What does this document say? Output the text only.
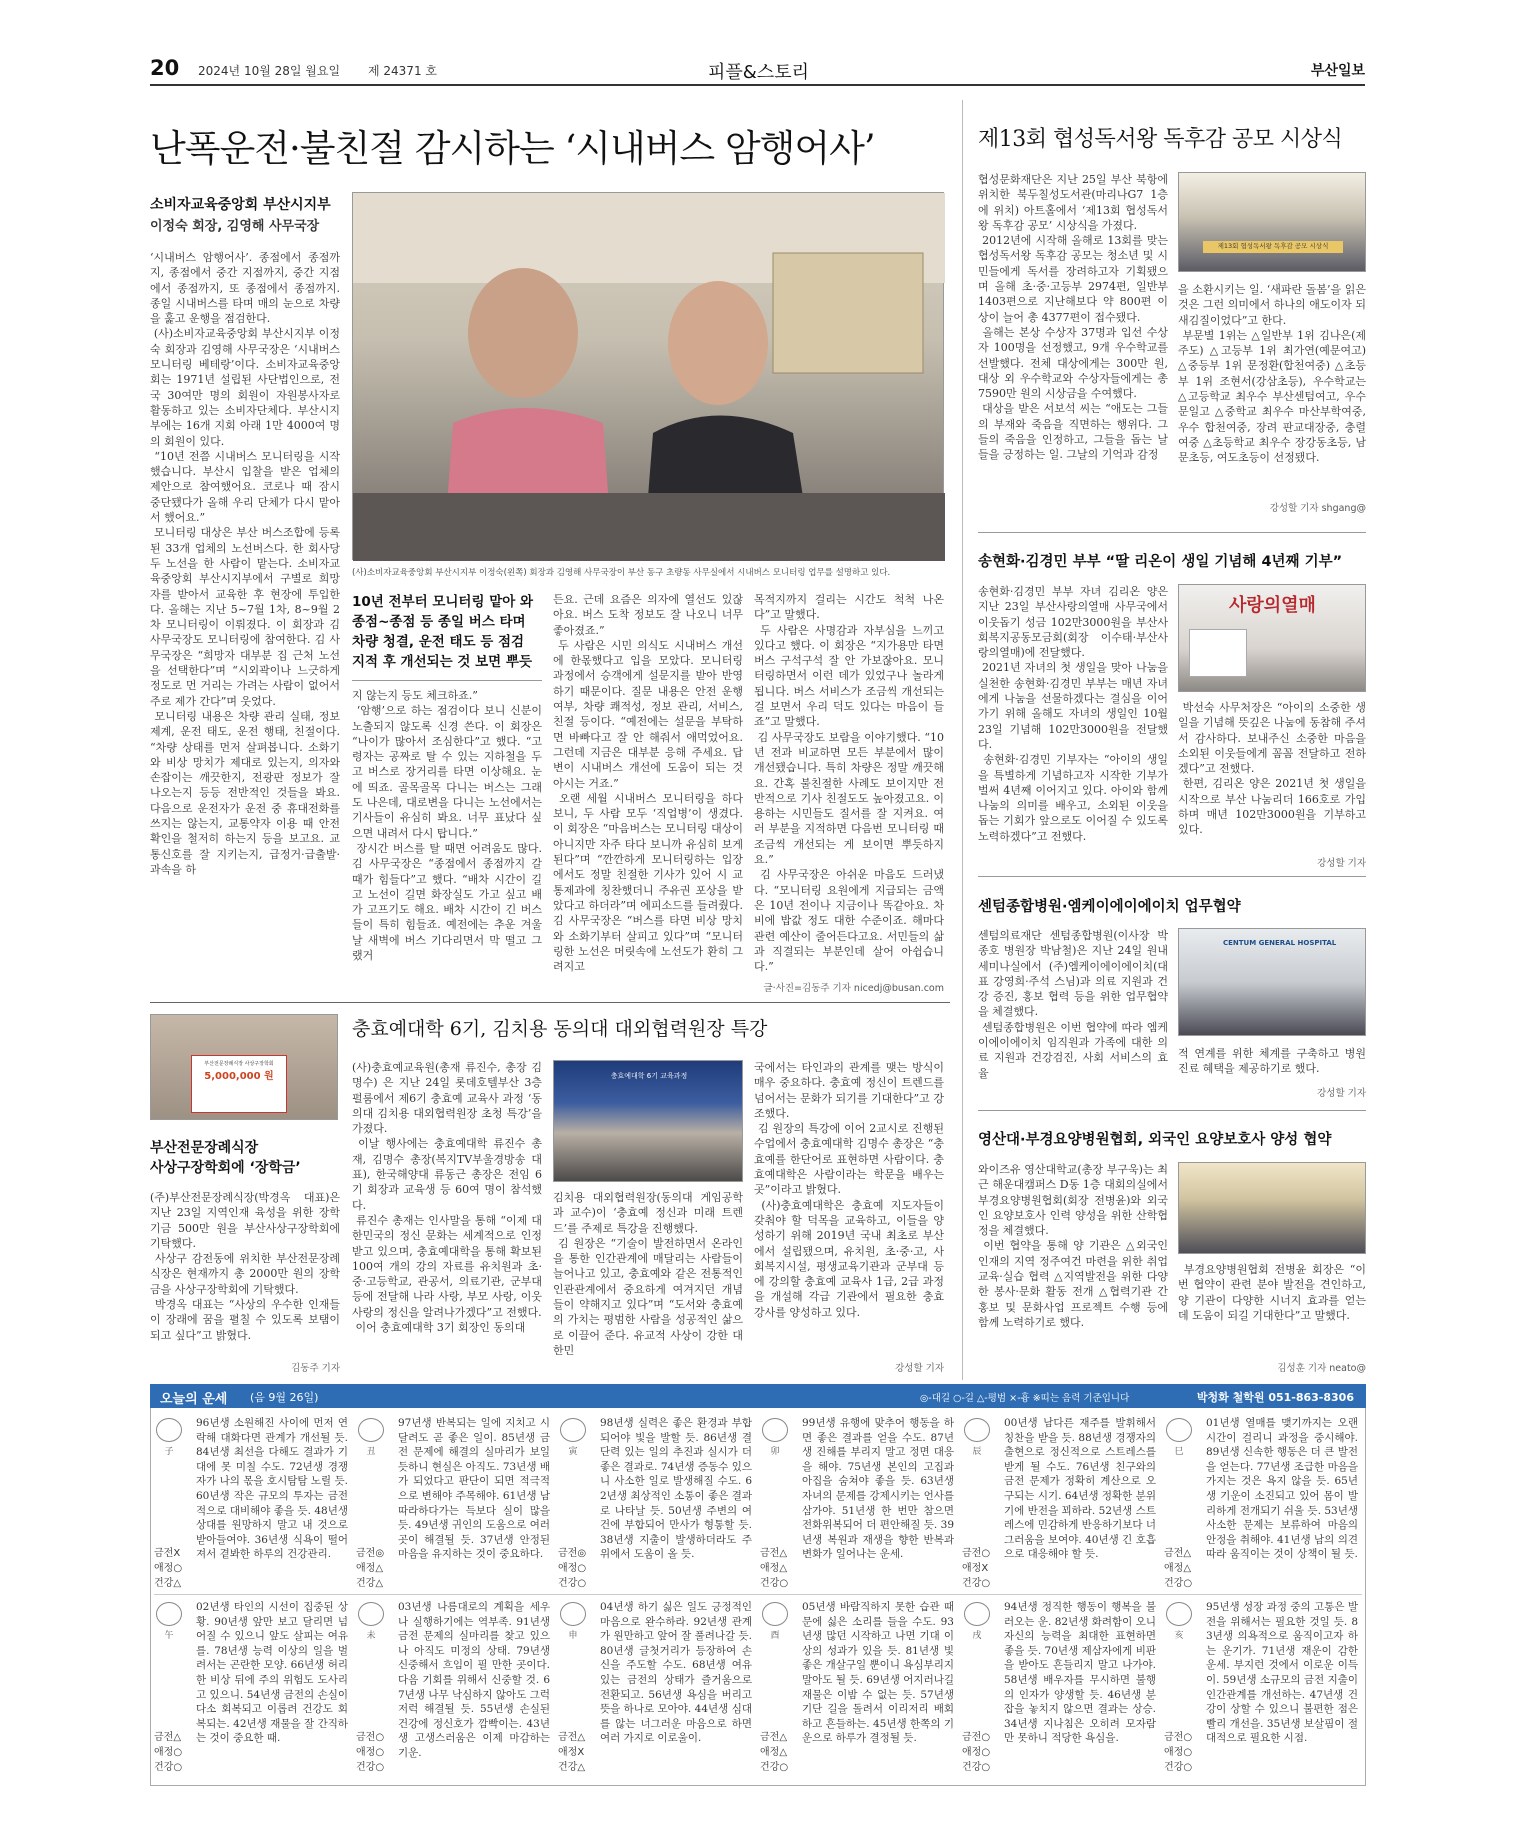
20 2024년 10월 28일 월요일 제 24371 호	피플&스토리	부산일보
난폭운전·불친절 감시하는 ‘시내버스 암행어사’
소비자교육중앙회 부산시지부
이정숙 회장, 김영해 사무국장
(사)소비자교육중앙회 부산시지부 이정숙(왼쪽) 회장과 김영해 사무국장이 부산 동구 초량동 사무실에서 시내버스 모니터링 업무를 설명하고 있다.
‘시내버스 암행어사’. 종점에서 종점까지, 종점에서 중간 지점까지, 중간 지점에서 종점까지, 또 종점에서 종점까지. 종일 시내버스를 타며 매의 눈으로 차량을 훑고 운행을 점검한다.
(사)소비자교육중앙회 부산시지부 이정숙 회장과 김영해 사무국장은 ‘시내버스 모니터링 베테랑’이다. 소비자교육중앙회는 1971년 설립된 사단법인으로, 전국 30여만 명의 회원이 자원봉사자로 활동하고 있는 소비자단체다. 부산시지부에는 16개 지회 아래 1만 4000여 명의 회원이 있다.
“10년 전쯤 시내버스 모니터링을 시작했습니다. 부산시 입찰을 받은 업체의 제안으로 참여했어요. 코로나 때 잠시 중단됐다가 올해 우리 단체가 다시 맡아서 했어요.”
모니터링 대상은 부산 버스조합에 등록된 33개 업체의 노선버스다. 한 회사당 두 노선을 한 사람이 맡는다. 소비자교육중앙회 부산시지부에서 구별로 희망자를 받아서 교육한 후 현장에 투입한다. 올해는 지난 5~7월 1차, 8~9월 2차 모니터링이 이뤄졌다. 이 회장과 김 사무국장도 모니터링에 참여한다. 김 사무국장은 “희망자 대부분 집 근처 노선을 선택한다”며 “시외곽이나 느긋하게 정도로 먼 거리는 가려는 사람이 없어서 주로 제가 간다”며 웃었다.
모니터링 내용은 차량 관리 실태, 정보 제계, 운전 태도, 운전 행태, 친절이다. “차량 상태를 먼저 살펴봅니다. 소화기와 비상 망치가 제대로 있는지, 의자와 손잡이는 깨끗한지, 전광판 정보가 잘 나오는지 등등 전반적인 것들을 봐요. 다음으로 운전자가 운전 중 휴대전화를 쓰지는 않는지, 교통약자 이용 때 안전 확인을 철저히 하는지 등을 보고요. 교통신호를 잘 지키는지, 급정거·급출발·과속을 하
10년 전부터 모니터링 맡아 와
종점~종점 등 종일 버스 타며
차량 청결, 운전 태도 등 점검
지적 후 개선되는 것 보면 뿌듯
지 않는지 등도 체크하죠.”
‘암행’으로 하는 점검이다 보니 신분이 노출되지 않도록 신경 쓴다. 이 회장은 “나이가 많아서 조심한다”고 했다. “고령자는 공짜로 탈 수 있는 지하철을 두고 버스로 장거리를 타면 이상해요. 눈에 띄죠. 골목골목 다니는 버스는 그래도 나은데, 대로변을 다니는 노선에서는 기사들이 유심히 봐요. 너무 표났다 싶으면 내려서 다시 탑니다.”
장시간 버스를 탈 때면 어려움도 많다. 김 사무국장은 “종점에서 종점까지 갈 때가 힘들다”고 했다. “배차 시간이 길고 노선이 길면 화장실도 가고 싶고 배가 고프기도 해요. 배차 시간이 긴 버스들이 특히 힘들죠. 예전에는 추운 겨울날 새벽에 버스 기다리면서 막 떨고 그랬거
든요. 근데 요즘은 의자에 열선도 있잖아요. 버스 도착 정보도 잘 나오니 너무 좋아졌죠.”
두 사람은 시민 의식도 시내버스 개선에 한몫했다고 입을 모았다. 모니터링 과정에서 승객에게 설문지를 받아 반영하기 때문이다. 질문 내용은 안전 운행 여부, 차량 쾌적성, 정보 관리, 서비스, 친절 등이다. “예전에는 설문을 부탁하면 바빠다고 잘 안 해줘서 애먹었어요. 그런데 지금은 대부분 응해 주세요. 답변이 시내버스 개선에 도움이 되는 것 아시는 거죠.”
오랜 세월 시내버스 모니터링을 하다 보니, 두 사람 모두 ‘직업병’이 생겼다. 이 회장은 “마음버스는 모니터링 대상이 아니지만 자주 타다 보니까 유심히 보게 된다”며 “깐깐하게 모니터링하는 입장에서도 정말 친절한 기사가 있어 시 교통제과에 칭찬했더니 주유권 포상을 받았다고 하더라”며 에피소드를 들려줬다. 김 사무국장은 “버스를 타면 비상 망치와 소화기부터 살피고 있다”며 “모니터링한 노선은 머릿속에 노선도가 환히 그려지고
목적지까지 걸리는 시간도 척척 나온다”고 말했다.
두 사람은 사명감과 자부심을 느끼고 있다고 했다. 이 회장은 “지가용만 타면 버스 구석구석 잘 안 가보잖아요. 모니터링하면서 이런 데가 있었구나 놀라게 됩니다. 버스 서비스가 조금씩 개선되는 걸 보면서 우리 덕도 있다는 마음이 들죠”고 말했다.
김 사무국장도 보람을 이야기했다. “10년 전과 비교하면 모든 부분에서 많이 개선됐습니다. 특히 차량은 정말 깨끗해요. 간혹 불친절한 사례도 보이지만 전반적으로 기사 친절도도 높아졌고요. 이용하는 시민들도 질서를 잘 지켜요. 여러 부분을 지적하면 다음번 모니터링 때 조금씩 개선되는 게 보이면 뿌듯하지요.”
김 사무국장은 아쉬운 마음도 드러냈다. “모니터링 요원에게 지급되는 금액은 10년 전이나 지금이나 똑같아요. 차비에 밥값 정도 대한 수준이죠. 해마다 관련 예산이 줄어든다고요. 서민들의 삶과 직결되는 부분인데 살어 아쉽습니다.”
글·사진=김동주 기자 nicedj@busan.com
제13회 협성독서왕 독후감 공모 시상식
협성문화재단은 지난 25일 부산 북항에 위치한 북두칠성도서관(마리나G7 1층에 위치) 아트홀에서 ‘제13회 협성독서왕 독후감 공모’ 시상식을 가졌다.
2012년에 시작해 올해로 13회를 맞는 협성독서왕 독후감 공모는 청소년 및 시민들에게 독서를 장려하고자 기획됐으며 올해 초·중·고등부 2974편, 일반부 1403편으로 지난해보다 약 800편 이상이 늘어 총 4377편이 접수됐다.
올해는 본상 수상자 37명과 입선 수상자 100명을 선정했고, 9개 우수학교를 선발했다. 전체 대상에게는 300만 원, 대상 외 우수학교와 수상자들에게는 총 7590만 원의 시상금을 수여했다.
대상을 받은 서보석 씨는 “애도는 그들의 부재와 죽음을 직면하는 행위다. 그들의 죽음을 인정하고, 그들을 돕는 날들을 긍정하는 일. 그날의 기억과 감정
제13회 협성독서왕 독후감 공모 시상식
을 소환시키는 일. ‘새파란 돌봄’을 읽은 것은 그런 의미에서 하나의 애도이자 되새김질이었다”고 한다.
부문별 1위는 △일반부 1위 김나은(제주도) △고등부 1위 최가연(예문여고) △중등부 1위 문정환(합천여중) △초등부 1위 조현서(강삼초등), 우수학교는 △고등학교 최우수 부산센텀여고, 우수 문일고 △중학교 최우수 마산부학여중, 우수 합천여중, 장려 판교대장중, 충렬여중 △초등학교 최우수 장강동초등, 남문초등, 여도초등이 선정됐다.
강성할 기자 shgang@
송현화·김경민 부부 “딸 리온이 생일 기념해 4년째 기부”
송현화·김경민 부부 자녀 김리온 양은 지난 23일 부산사랑의열매 사무국에서 이웃돕기 성금 102만3000원을 부산사회복지공동모금회(회장 이수태·부산사랑의열매)에 전달했다.
2021년 자녀의 첫 생일을 맞아 나눔을 실천한 송현화·김경민 부부는 매년 자녀에게 나눔을 선물하겠다는 결심을 이어가기 위해 올해도 자녀의 생일인 10월 23일 기념해 102만3000원을 전달했다.
송현화·김경민 기부자는 “아이의 생일을 특별하게 기념하고자 시작한 기부가 벌써 4년째 이어지고 있다. 아이와 함께 나눔의 의미를 배우고, 소외된 이웃을 돕는 기회가 앞으로도 이어질 수 있도록 노력하겠다”고 전했다.
사랑의열매
박선숙 사무처장은 “아이의 소중한 생일을 기념해 뜻깊은 나눔에 동참해 주셔서 감사하다. 보내주신 소중한 마음을 소외된 이웃들에게 꼼꼼 전달하고 전하겠다”고 전했다.
한편, 김리온 양은 2021년 첫 생일을 시작으로 부산 나눔리더 166호로 가입하며 매년 102만3000원을 기부하고 있다.
강성할 기자
센텀종합병원·엠케이에이에이치 업무협약
센텀의료재단 센텀종합병원(이사장 박종호 병원장 박남철)은 지난 24일 원내 세미나실에서 (주)엠케이에이에이치(대표 강영희·주석 스님)과 의료 지원과 건강 증진, 홍보 협력 등을 위한 업무협약을 체결했다.
센텀종합병원은 이번 협약에 따라 엠케이에이에이치 임직원과 가족에 대한 의료 지원과 건강검진, 사회 서비스의 효율
CENTUM GENERAL HOSPITAL
적 연계를 위한 체계를 구축하고 병원 진료 혜택을 제공하기로 했다.
강성할 기자
영산대·부경요양병원협회, 외국인 요양보호사 양성 협약
와이즈유 영산대학교(총장 부구욱)는 최근 해운대캠퍼스 D동 1층 대회의실에서 부경요양병원협회(회장 전병윤)와 외국인 요양보호사 인력 양성을 위한 산학협정을 체결했다.
이번 협약을 통해 양 기관은 △외국인 인재의 지역 정주여건 마련을 위한 취업 교육·실습 협력 △지역발전을 위한 다양한 봉사·문화 활동 전개 △협력기관 간 홍보 및 문화사업 프로젝트 수행 등에 함께 노력하기로 했다.
부경요양병원협회 전병윤 회장은 “이번 협약이 관련 분야 발전을 견인하고, 양 기관이 다양한 시너지 효과를 얻는 데 도움이 되길 기대한다”고 말했다.
김성훈 기자 neato@
부산전문장례식장 사상구장학회
5,000,000 원
부산전문장례식장
사상구장학회에 ‘장학금’
(주)부산전문장례식장(박경옥 대표)은 지난 23일 지역인재 육성을 위한 장학기금 500만 원을 부산사상구장학회에 기탁했다.
사상구 감전동에 위치한 부산전문장례식장은 현재까지 총 2000만 원의 장학금을 사상구장학회에 기탁했다.
박경옥 대표는 “사상의 우수한 인재들이 장래에 꿈을 펼칠 수 있도록 보탬이 되고 싶다”고 밝혔다.
김동주 기자
충효예대학 6기, 김치용 동의대 대외협력원장 특강
(사)충효예교육원(총재 류진수, 총장 김명수) 은 지난 24일 롯데호텔부산 3층 펄룸에서 제6기 충효예 교육사 과정 ‘동의대 김치용 대외협력원장 초청 특강’을 가졌다.
이날 행사에는 충효예대학 류진수 총재, 김명수 총장(복지TV부울경방송 대표), 한국해양대 류동근 총장은 전임 6기 회장과 교육생 등 60여 명이 참석했다.
류진수 총재는 인사말을 통해 “이제 대한민국의 정신 문화는 세계적으로 인정받고 있으며, 충효예대학을 통해 확보된 100여 개의 강의 자료를 유치원과 초·중·고등학교, 관공서, 의료기관, 군부대 등에 전달해 나라 사랑, 부모 사랑, 이웃 사랑의 정신을 알려나가겠다”고 전했다.
이어 충효예대학 3기 회장인 동의대
충효예대학 6기 교육과정
김치용 대외협력원장(동의대 게임공학과 교수)이 ‘충효예 정신과 미래 트렌드’를 주제로 특강을 진행했다.
김 원장은 “기술이 발전하면서 온라인을 통한 인간관계에 매달리는 사람들이 늘어나고 있고, 충효예와 같은 전통적인 인관관계에서 중요하게 여겨지던 개념들이 약해지고 있다”며 “도서와 충효예의 가치는 평범한 사람을 성공적인 삶으로 이끌어 준다. 유교적 사상이 강한 대한민
국에서는 타인과의 관계를 맺는 방식이 매우 중요하다. 충효예 정신이 트렌드를 넘어서는 문화가 되기를 기대한다”고 강조했다.
김 원장의 특강에 이어 2교시로 진행된 수업에서 충효예대학 김명수 총장은 “충효예를 한단어로 표현하면 사람이다. 충효예대학은 사람이라는 학문을 배우는 곳”이라고 밝혔다.
(사)충효예대학은 충효예 지도자들이 갖춰야 할 덕목을 교육하고, 이들을 양성하기 위해 2019년 국내 최초로 부산에서 설립됐으며, 유치원, 초·중·고, 사회복지시설, 평생교육기관과 군부대 등에 강의할 충효예 교육사 1급, 2급 과정을 개설해 각급 기관에서 필요한 충효 강사를 양성하고 있다.
강성할 기자
오늘의 운세 (음 9월 26일)	◎-대길 ○-길 △-평범 ×-흉 ※띠는 음력 기준입니다	박청화 철학원 051-863-8306
子
금전X
애정○
건강△
96년생 소원해진 사이에 먼저 연락해 대화다면 관계가 개선될 듯. 84년생 최선을 다해도 결과가 기대에 못 미칠 수도. 72년생 경쟁자가 나의 몫을 호시탐탐 노릴 듯. 60년생 작은 규모의 투자는 금전적으로 대비해야 좋을 듯. 48년생 상대를 원망하지 말고 내 것으로 받아들여야. 36년생 식욕이 떨어져서 곁봐한 하루의 건강관리.
丑
금전◎
애정△
건강△
97년생 반복되는 일에 지치고 시달려도 곧 좋은 일이. 85년생 금전 문제에 해결의 실마리가 보일 듯하니 현실은 아직도. 73년생 배가 되었다고 판단이 되면 적극적으로 변해야 주목해야. 61년생 남 따라하다가는 득보다 실이 많을 듯. 49년생 귀인의 도움으로 여러 곳이 해결될 듯. 37년생 안정된 마음을 유지하는 것이 중요하다.
寅
금전◎
애정○
건강○
98년생 실력은 좋은 환경과 부합되어야 빛을 발할 듯. 86년생 결단력 있는 일의 추진과 실시가 더 좋은 결과로. 74년생 증동수 있으니 사소한 일로 발생해질 수도. 62년생 최상적인 소통이 좋은 결과로 나타날 듯. 50년생 주변의 여건에 부합되어 만사가 형통할 듯. 38년생 지출이 발생하더라도 주위에서 도움이 올 듯.
卯
금전△
애정△
건강○
99년생 유행에 맞추어 행동을 하면 좋은 결과를 얻을 수도. 87년생 진해를 부리지 말고 정면 대응을 해야. 75년생 본인의 고집과 아집을 숨쳐야 좋을 듯. 63년생 자녀의 문제를 강제시키는 언사를 삼가야. 51년생 한 번만 참으면 전화위복되어 더 편안해질 듯. 39년생 복원과 재생을 향한 반복과 변화가 일어나는 운세.
辰
금전○
애정X
건강○
00년생 남다른 재주를 발휘해서 칭찬을 받을 듯. 88년생 경쟁자의 출현으로 정신적으로 스트레스를 받게 될 수도. 76년생 친구와의 금전 문제가 정확히 계산으로 오구되는 시기. 64년생 정확한 분위기에 반전을 꾀하라. 52년생 스트레스에 민감하게 반응하기보다 너그러움을 보여야. 40년생 긴 호흡으로 대응해야 할 듯.
巳
금전△
애정△
건강○
01년생 열매를 맺기까지는 오랜 시간이 걸리니 과정을 중시해야. 89년생 신속한 행동은 더 큰 발전을 얻는다. 77년생 조급한 마음을 가지는 것은 욕지 않을 듯. 65년생 기운이 소진되고 있어 몸이 발리하게 전개되기 쉬울 듯. 53년생 사소한 문제는 보류하여 마음의 안정을 취해야. 41년생 남의 의견 따라 움직이는 것이 상책이 될 듯.
午
금전△
애정○
건강○
02년생 타인의 시선이 집중된 상황. 90년생 앞만 보고 달리면 넘어질 수 있으니 앞도 살피는 여유를. 78년생 능력 이상의 일을 벌려서는 곤란한 모양. 66년생 허리한 비상 뒤에 주의 위험도 도사리고 있으니. 54년생 금전의 손실이 다소 회복되고 이롭려 건강도 회복되는. 42년생 재물을 잘 간직하는 것이 중요한 때.
未
금전○
애정○
건강○
03년생 나름대로의 계획을 세우나 실행하기에는 역부족. 91년생 금전 문제의 실마리를 찾고 있으나 아직도 미정의 상태. 79년생 신중해서 흐임이 필 만한 곳이다. 다음 기회를 위해서 신중할 것. 67년생 나무 낙심하지 않아도 그럭저럭 해결될 듯. 55년생 손실된 건강에 정신호가 깜빡이는. 43년생 고생스러움은 이제 마감하는 기운.
申
금전△
애정X
건강△
04년생 하기 싫은 일도 긍정적인 마음으로 완수하라. 92년생 관계가 원만하고 앞어 잘 풀려나갈 듯. 80년생 글첫거리가 등장하여 손신을 주도할 수도. 68년생 여유 있는 금전의 상태가 즐거움으로 전환되고. 56년생 욕심을 버리고 뜻을 하나로 모아야. 44년생 심대를 않는 너그러운 마음으로 하면 여러 가지로 이로울이.
酉
금전△
애정△
건강○
05년생 바람직하지 못한 습관 때문에 싫은 소리를 들을 수도. 93년생 많던 시작하고 나면 기대 이상의 성과가 있을 듯. 81년생 빛 좋은 개살구일 뿐이니 욕심부리지 말아도 될 듯. 69년생 어지러나길 재물은 이밤 수 없는 듯. 57년생 기단 길을 돌려서 이리저리 배회하고 흔들하는. 45년생 한쪽의 기운으로 하루가 결정될 듯.
戌
금전○
애정○
건강○
94년생 정직한 행동이 행복을 불러오는 운. 82년생 화려함이 오니 자신의 능력을 최대한 표현하면 좋을 듯. 70년생 제삼자에게 비판을 받아도 흔들리지 말고 나가야. 58년생 배우자를 무시하면 불행의 인자가 양생할 듯. 46년생 분잡을 놓치지 않으면 결과는 상승. 34년생 지나침은 오히려 모자람만 못하니 적당한 욕심을.
亥
금전○
애정○
건강○
95년생 성장 과정 중의 고통은 발전을 위해서는 필요한 것일 듯. 83년생 의욕적으로 움직이고자 하는 운기가. 71년생 재운이 감한 운세. 부지런 것에서 이로운 이득이. 59년생 소규모의 금전 지출이 인간관계를 개선하는. 47년생 건강이 상할 수 있으니 불편한 점은 빨리 개선을. 35년생 보살핌이 절대적으로 필요한 시점.
